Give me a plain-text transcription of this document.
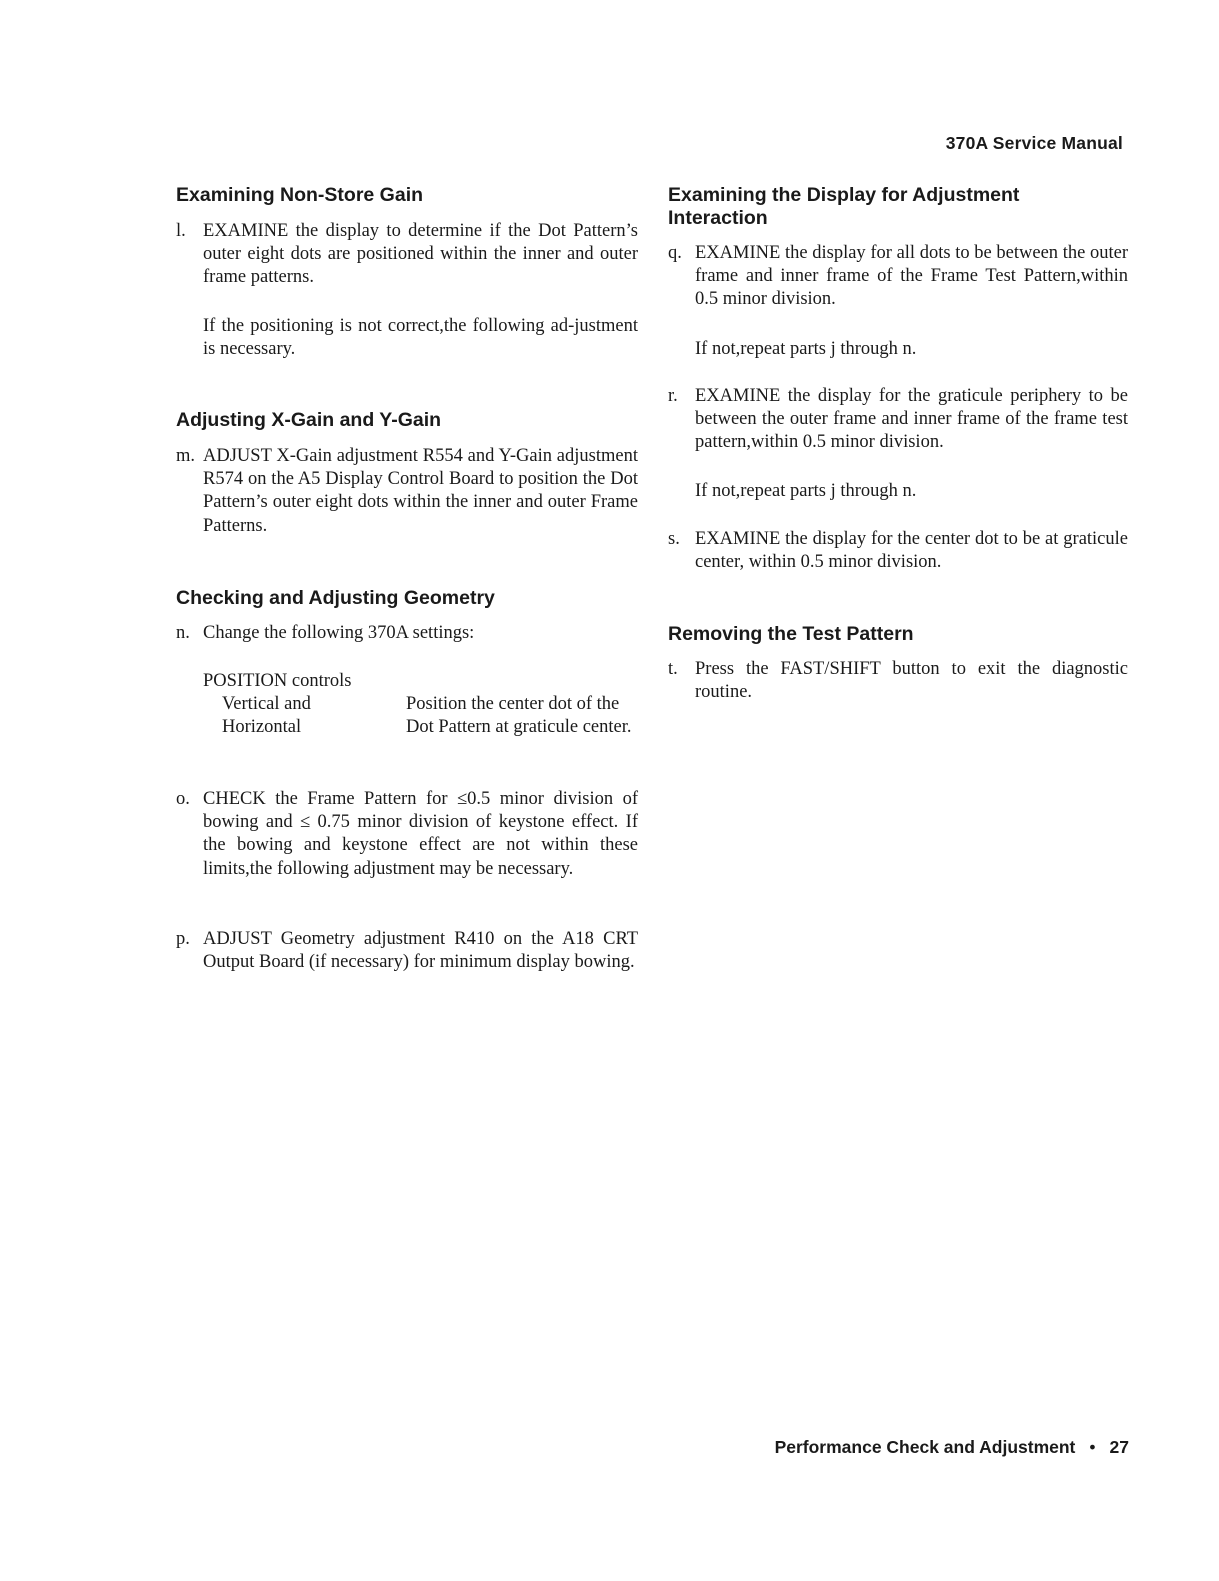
370A Service Manual
Examining Non-Store Gain
l. EXAMINE the display to determine if the Dot Pattern’s outer eight dots are positioned within the inner and outer frame patterns.
If the positioning is not correct,the following ad-justment is necessary.
Adjusting X-Gain and Y-Gain
m. ADJUST X-Gain adjustment R554 and Y-Gain adjustment R574 on the A5 Display Control Board to position the Dot Pattern’s outer eight dots within the inner and outer Frame Patterns.
Checking and Adjusting Geometry
n. Change the following 370A settings:
POSITION controls
Vertical and
Horizontal
Position the center dot of the Dot Pattern at graticule center.
o. CHECK the Frame Pattern for ≤0.5 minor division of bowing and ≤ 0.75 minor division of keystone effect. If the bowing and keystone effect are not within these limits,the following adjustment may be necessary.
p. ADJUST Geometry adjustment R410 on the A18 CRT Output Board (if necessary) for minimum display bowing.
Examining the Display for Adjustment Interaction
q. EXAMINE the display for all dots to be between the outer frame and inner frame of the Frame Test Pattern,within 0.5 minor division.
If not,repeat parts j through n.
r. EXAMINE the display for the graticule periphery to be between the outer frame and inner frame of the frame test pattern,within 0.5 minor division.
If not,repeat parts j through n.
s. EXAMINE the display for the center dot to be at graticule center, within 0.5 minor division.
Removing the Test Pattern
t. Press the FAST/SHIFT button to exit the diagnostic routine.
Performance Check and Adjustment • 27
